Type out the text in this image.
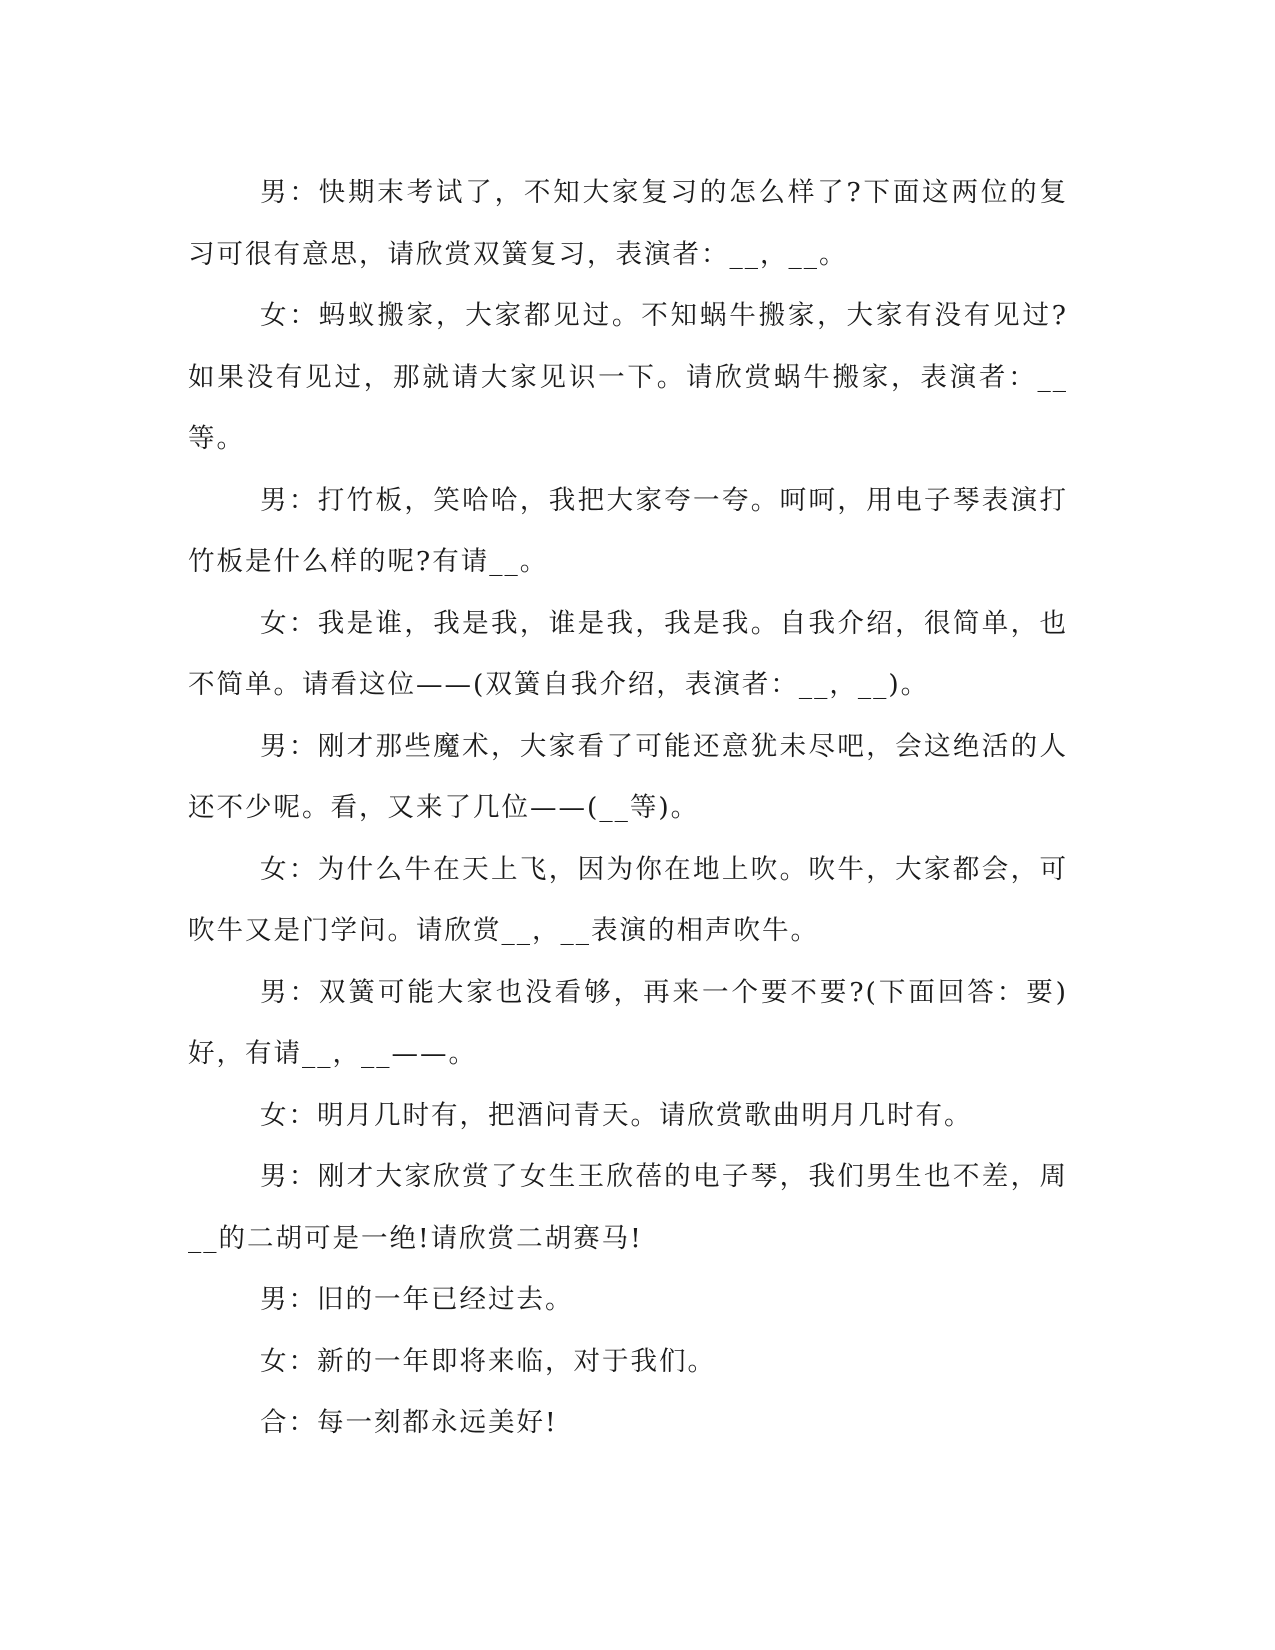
男：快期末考试了，不知大家复习的怎么样了?下面这两位的复习可很有意思，请欣赏双簧复习，表演者：__，__。

女：蚂蚁搬家，大家都见过。不知蜗牛搬家，大家有没有见过?如果没有见过，那就请大家见识一下。请欣赏蜗牛搬家，表演者：__等。

男：打竹板，笑哈哈，我把大家夸一夸。呵呵，用电子琴表演打竹板是什么样的呢?有请__。

女：我是谁，我是我，谁是我，我是我。自我介绍，很简单，也不简单。请看这位——(双簧自我介绍，表演者：__，__)。

男：刚才那些魔术，大家看了可能还意犹未尽吧，会这绝活的人还不少呢。看，又来了几位——(__等)。

女：为什么牛在天上飞，因为你在地上吹。吹牛，大家都会，可吹牛又是门学问。请欣赏__，__表演的相声吹牛。

男：双簧可能大家也没看够，再来一个要不要?(下面回答：要)好，有请__，__——。

女：明月几时有，把酒问青天。请欣赏歌曲明月几时有。

男：刚才大家欣赏了女生王欣蓓的电子琴，我们男生也不差，周__的二胡可是一绝!请欣赏二胡赛马!

男：旧的一年已经过去。

女：新的一年即将来临，对于我们。

合：每一刻都永远美好!
